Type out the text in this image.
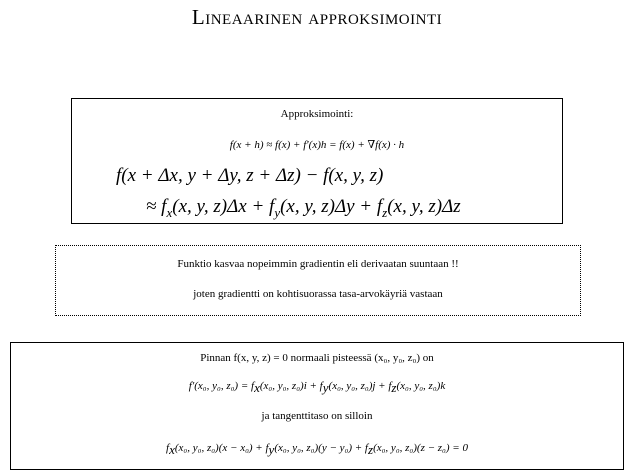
Lineaarinen approksimointi
Approksimointi:
f(x + h) ≈ f(x) + f′(x)h = f(x) + ∇f(x) · h
f(x + Δx, y + Δy, z + Δz) − f(x, y, z)
≈ $f_x(x$, y, $z)\Delta x + f_y(x$, y, $z)\Delta y + f_z(x$, y, z)Δz
Funktio kasvaa nopeimmin gradientin eli derivaatan suuntaan !!
joten gradientti on kohtisuorassa tasa-arvokäyriä vastaan
Pinnan f(x, y, z) = 0 normaali pisteessä (x₀, y₀, z₀) on
f′(x₀, y₀, $z_0) = f_x(x_0$, y₀, $z_0)i + f_y(x_0$, y₀, $z_0)j + f_z(x_0$, y₀, z₀)k
ja tangenttitaso on silloin
$f_x(x_0$, y₀, $z_0)(x - x_0) + f_y(x_0$, y₀, $z_0)(y - y_0) + f_z(x_0$, y₀, z₀)(z − z₀) = 0
